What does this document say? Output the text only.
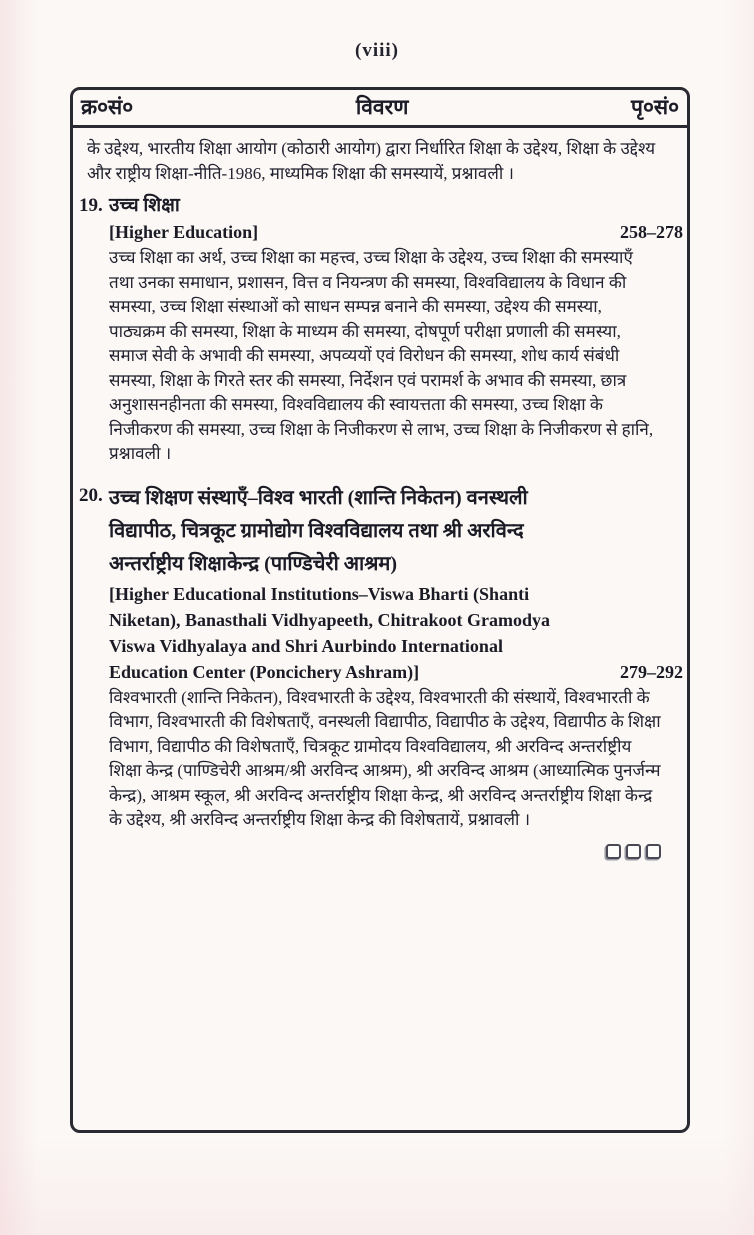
(viii)
क्र०सं०	विवरण	पृ०सं०

के उद्देश्य, भारतीय शिक्षा आयोग (कोठारी आयोग) द्वारा निर्धारित शिक्षा के उद्देश्य, शिक्षा के उद्देश्य और राष्ट्रीय शिक्षा-नीति-1986, माध्यमिक शिक्षा की समस्यायें, प्रश्नावली ।

19. उच्च शिक्षा
[Higher Education]	258–278

उच्च शिक्षा का अर्थ, उच्च शिक्षा का महत्त्व, उच्च शिक्षा के उद्देश्य, उच्च शिक्षा की समस्याएँ तथा उनका समाधान, प्रशासन, वित्त व नियन्त्रण की समस्या, विश्वविद्यालय के विधान की समस्या, उच्च शिक्षा संस्थाओं को साधन सम्पन्न बनाने की समस्या, उद्देश्य की समस्या, पाठ्यक्रम की समस्या, शिक्षा के माध्यम की समस्या, दोषपूर्ण परीक्षा प्रणाली की समस्या, समाज सेवी के अभावी की समस्या, अपव्ययों एवं विरोधन की समस्या, शोध कार्य संबंधी समस्या, शिक्षा के गिरते स्तर की समस्या, निर्देशन एवं परामर्श के अभाव की समस्या, छात्र अनुशासनहीनता की समस्या, विश्वविद्यालय की स्वायत्तता की समस्या, उच्च शिक्षा के निजीकरण की समस्या, उच्च शिक्षा के निजीकरण से लाभ, उच्च शिक्षा के निजीकरण से हानि, प्रश्नावली ।

20. उच्च शिक्षण संस्थाएँ–विश्व भारती (शान्ति निकेतन) वनस्थली विद्यापीठ, चित्रकूट ग्रामोद्योग विश्वविद्यालय तथा श्री अरविन्द अन्तर्राष्ट्रीय शिक्षाकेन्द्र (पाण्डिचेरी आश्रम)
[Higher Educational Institutions–Viswa Bharti (Shanti Niketan), Banasthali Vidhyapeeth, Chitrakoot Gramodya Viswa Vidhyalaya and Shri Aurbindo International Education Center (Poncichery Ashram)]	279–292

विश्वभारती (शान्ति निकेतन), विश्वभारती के उद्देश्य, विश्वभारती की संस्थायें, विश्वभारती के विभाग, विश्वभारती की विशेषताएँ, वनस्थली विद्यापीठ, विद्यापीठ के उद्देश्य, विद्यापीठ के शिक्षा विभाग, विद्यापीठ की विशेषताएँ, चित्रकूट ग्रामोदय विश्वविद्यालय, श्री अरविन्द अन्तर्राष्ट्रीय शिक्षा केन्द्र (पाण्डिचेरी आश्रम/श्री अरविन्द आश्रम), श्री अरविन्द आश्रम (आध्यात्मिक पुनर्जन्म केन्द्र), आश्रम स्कूल, श्री अरविन्द अन्तर्राष्ट्रीय शिक्षा केन्द्र, श्री अरविन्द अन्तर्राष्ट्रीय शिक्षा केन्द्र के उद्देश्य, श्री अरविन्द अन्तर्राष्ट्रीय शिक्षा केन्द्र की विशेषतायें, प्रश्नावली ।
